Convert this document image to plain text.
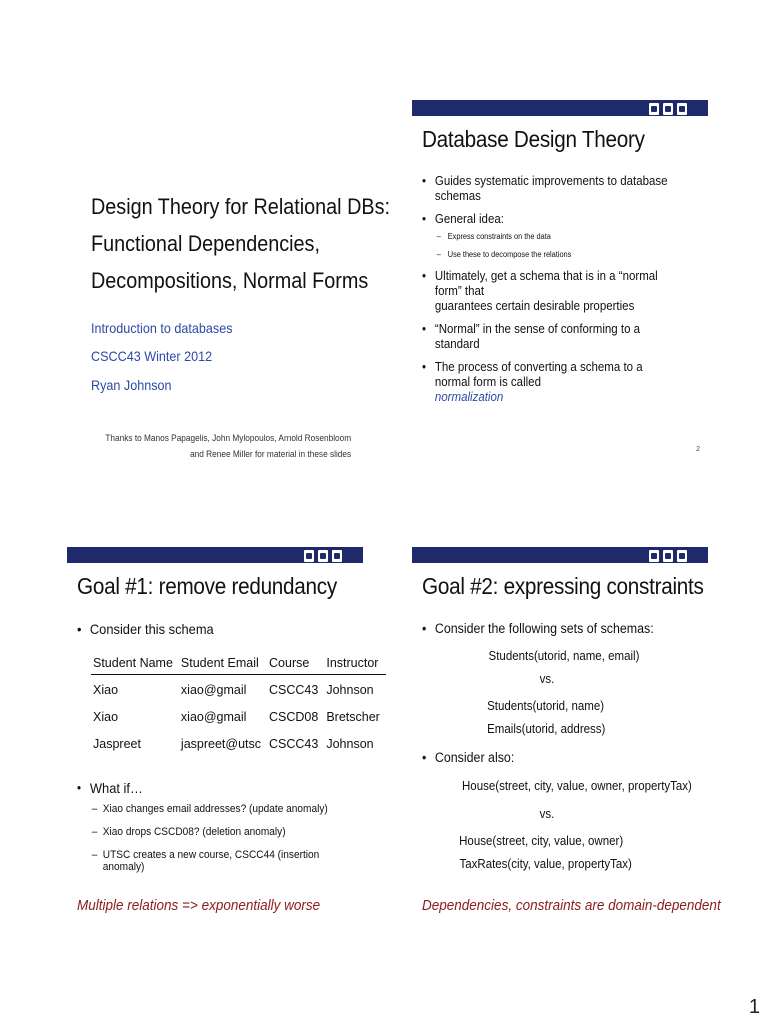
Design Theory for Relational DBs:
Functional Dependencies,
Decompositions, Normal Forms
Introduction to databases
CSCC43 Winter 2012
Ryan Johnson
Thanks to Manos Papagelis, John Mylopoulos, Arnold Rosenbloom
and Renee Miller for material in these slides
Database Design Theory
• Guides systematic improvements to database schemas
• General idea:
– Express constraints on the data
– Use these to decompose the relations
• Ultimately, get a schema that is in a “normal form” that
guarantees certain desirable properties
• “Normal” in the sense of conforming to a standard
• The process of converting a schema to a normal form is called
normalization
2
Goal #1: remove redundancy
• Consider this schema
Student Name	Student Email	Course	Instructor
Xiao	xiao@gmail	CSCC43	Johnson
Xiao	xiao@gmail	CSCD08	Bretscher
Jaspreet	jaspreet@utsc	CSCC43	Johnson
• What if…
– Xiao changes email addresses? (update anomaly)
– Xiao drops CSCD08? (deletion anomaly)
– UTSC creates a new course, CSCC44 (insertion anomaly)
Multiple relations => exponentially worse
Goal #2: expressing constraints
• Consider the following sets of schemas:
Students(utorid, name, email)
vs.
Students(utorid, name)
Emails(utorid, address)
• Consider also:
House(street, city, value, owner, propertyTax)
vs.
House(street, city, value, owner)
TaxRates(city, value, propertyTax)
Dependencies, constraints are domain-dependent
1
